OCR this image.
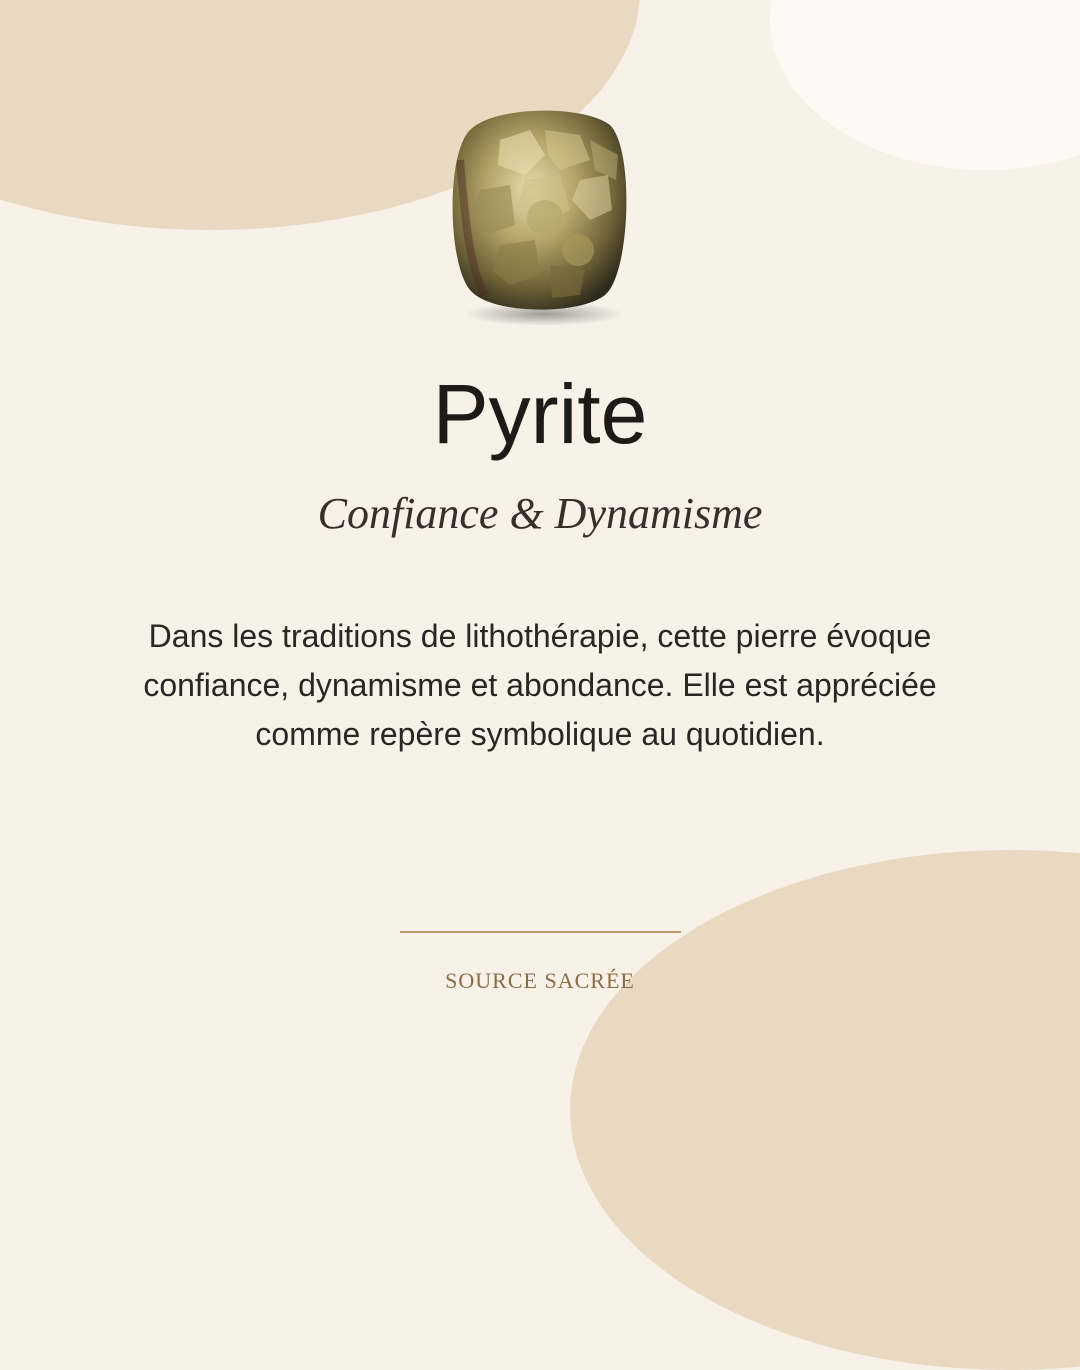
Pyrite
Confiance & Dynamisme
Dans les traditions de lithothérapie, cette pierre évoque confiance, dynamisme et abondance. Elle est appréciée comme repère symbolique au quotidien.
SOURCE SACRÉE
